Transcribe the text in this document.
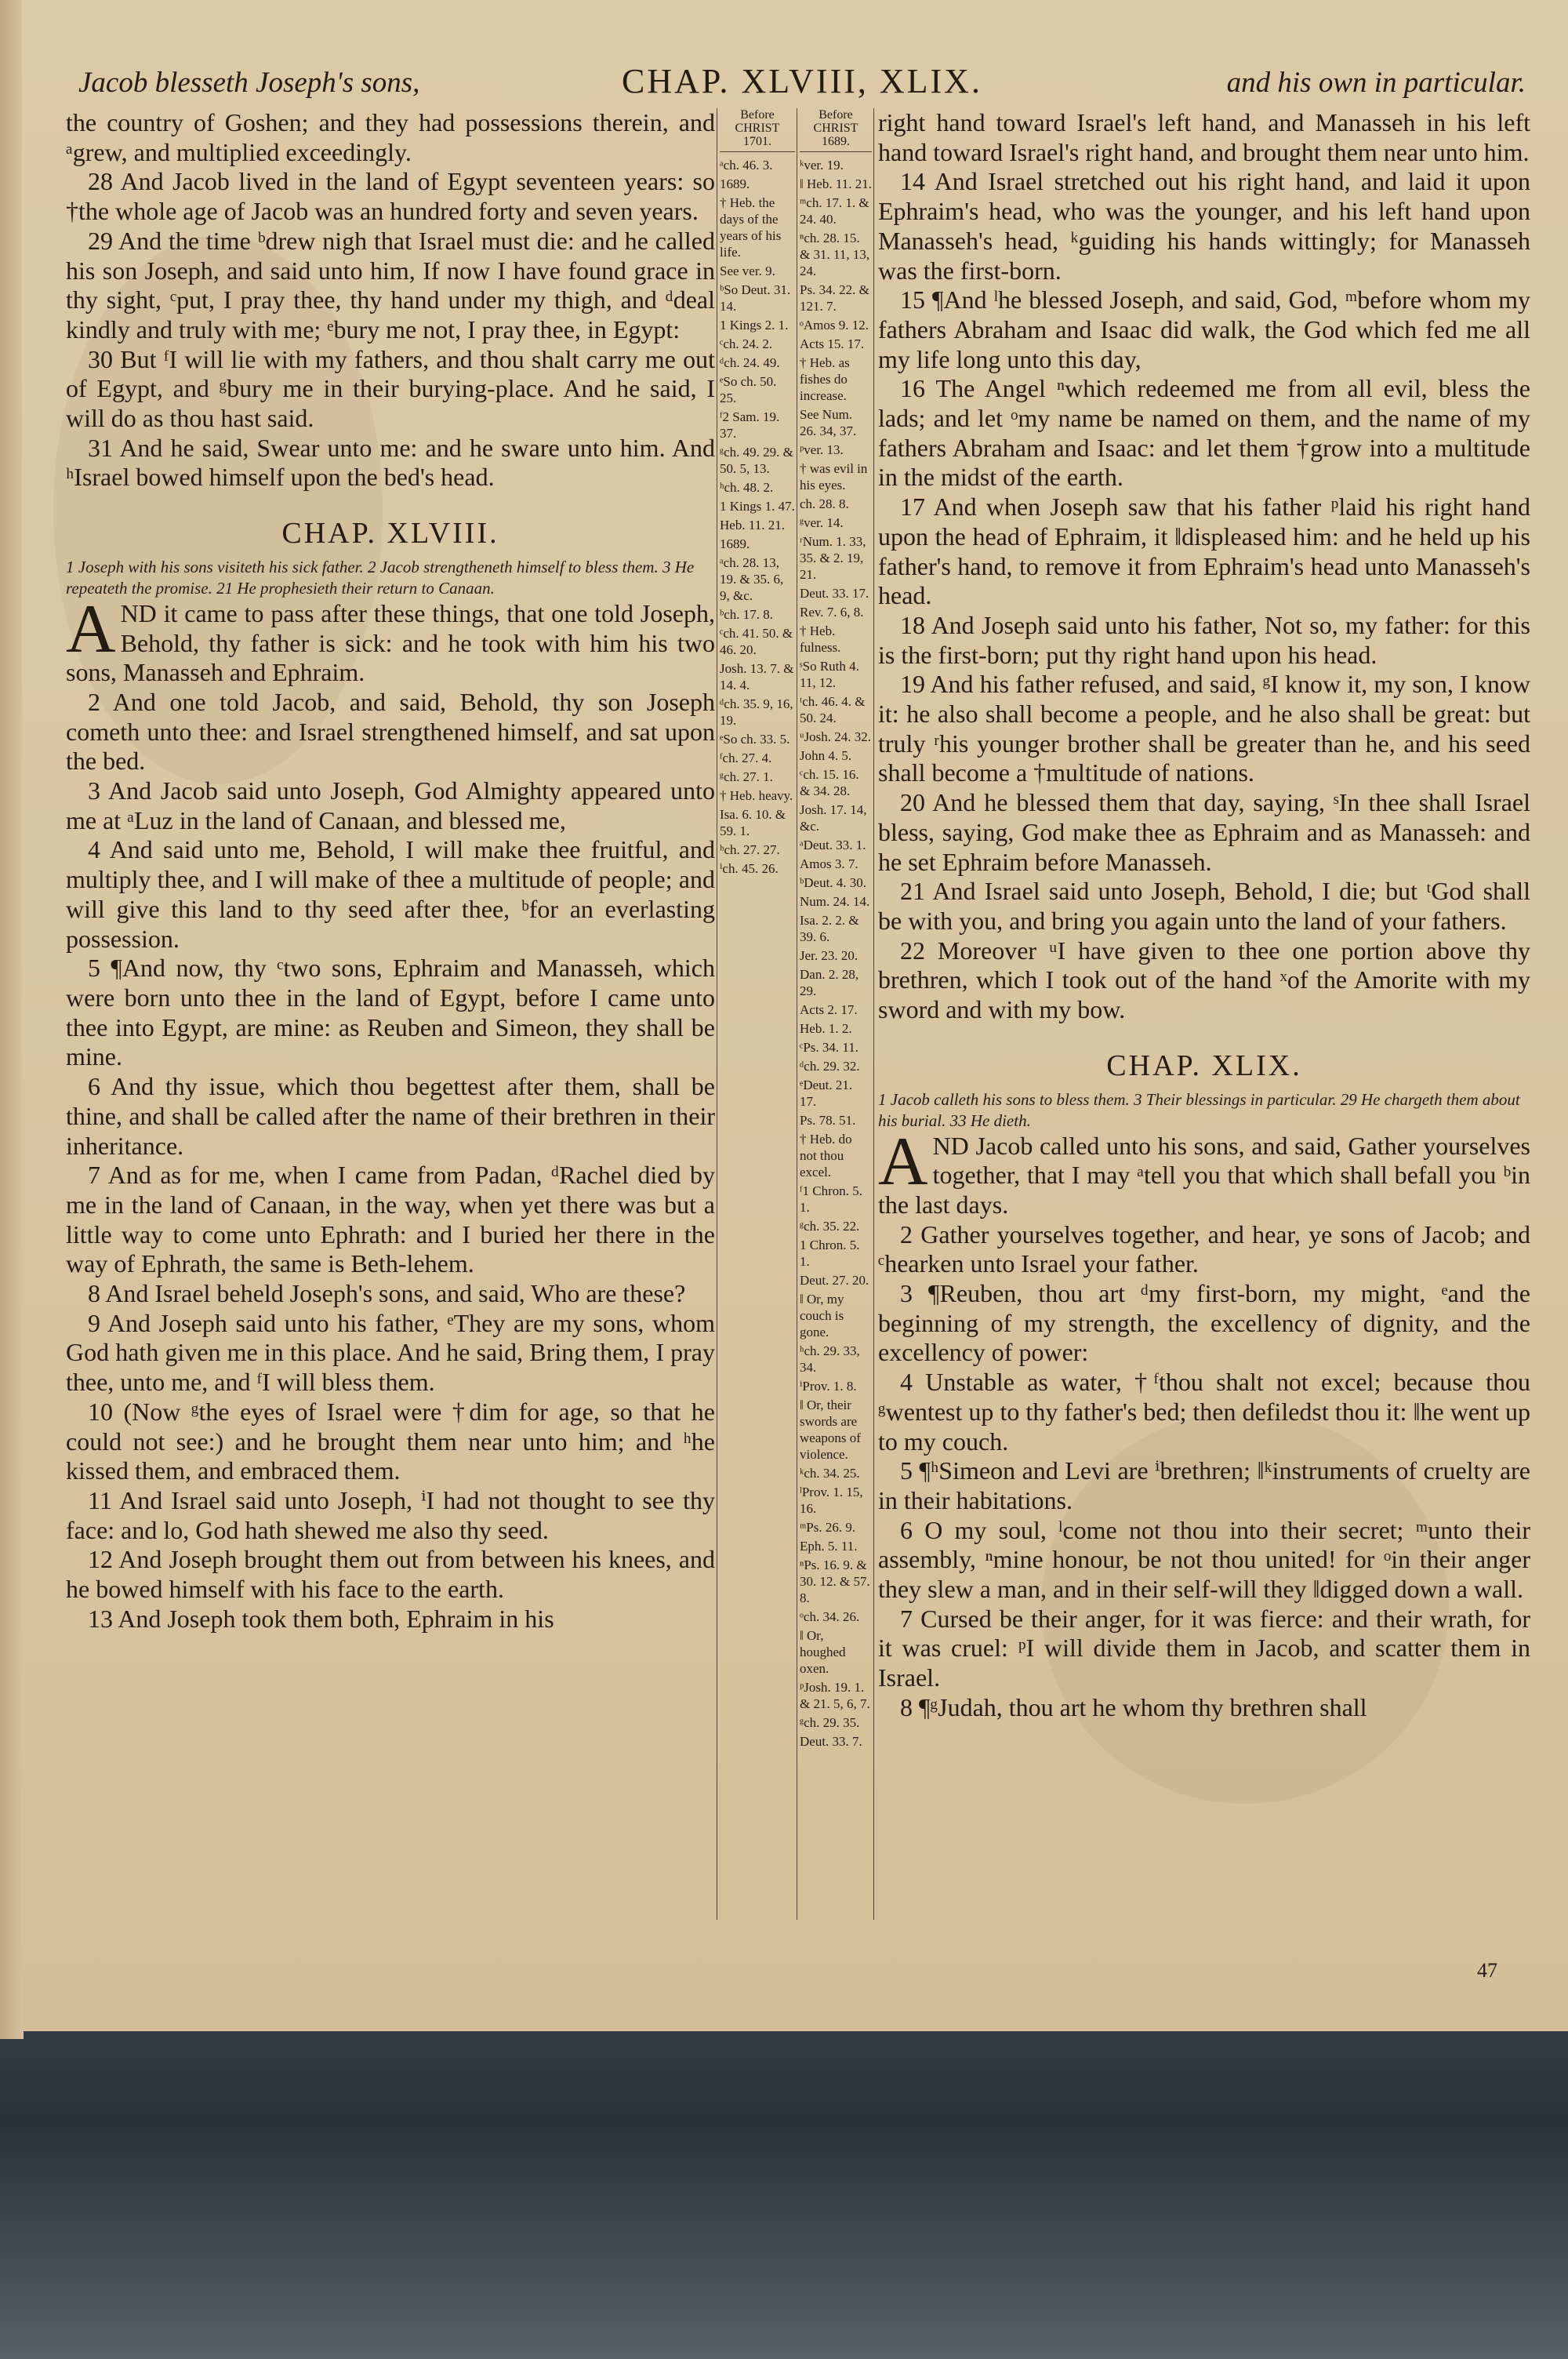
Jacob blesseth Joseph's sons,	CHAP. XLVIII, XLIX.	and his own in particular.

the country of Goshen; and they had possessions therein, and ᵃgrew, and multiplied exceedingly.

28 And Jacob lived in the land of Egypt seventeen years: so †the whole age of Jacob was an hundred forty and seven years.

29 And the time ᵇdrew nigh that Israel must die: and he called his son Joseph, and said unto him, If now I have found grace in thy sight, ᶜput, I pray thee, thy hand under my thigh, and ᵈdeal kindly and truly with me; ᵉbury me not, I pray thee, in Egypt:

30 But ᶠI will lie with my fathers, and thou shalt carry me out of Egypt, and ᵍbury me in their burying-place. And he said, I will do as thou hast said.

31 And he said, Swear unto me: and he sware unto him. And ʰIsrael bowed himself upon the bed's head.

CHAP. XLVIII.

1 Joseph with his sons visiteth his sick father. 2 Jacob strengtheneth himself to bless them. 3 He repeateth the promise. 21 He prophesieth their return to Canaan.

AND it came to pass after these things, that one told Joseph, Behold, thy father is sick: and he took with him his two sons, Manasseh and Ephraim.

2 And one told Jacob, and said, Behold, thy son Joseph cometh unto thee: and Israel strengthened himself, and sat upon the bed.

3 And Jacob said unto Joseph, God Almighty appeared unto me at ᵃLuz in the land of Canaan, and blessed me,

4 And said unto me, Behold, I will make thee fruitful, and multiply thee, and I will make of thee a multitude of people; and will give this land to thy seed after thee, ᵇfor an everlasting possession.

5 ¶And now, thy ᶜtwo sons, Ephraim and Manasseh, which were born unto thee in the land of Egypt, before I came unto thee into Egypt, are mine: as Reuben and Simeon, they shall be mine.

6 And thy issue, which thou begettest after them, shall be thine, and shall be called after the name of their brethren in their inheritance.

7 And as for me, when I came from Padan, ᵈRachel died by me in the land of Canaan, in the way, when yet there was but a little way to come unto Ephrath: and I buried her there in the way of Ephrath, the same is Beth-lehem.

8 And Israel beheld Joseph's sons, and said, Who are these?

9 And Joseph said unto his father, ᵉThey are my sons, whom God hath given me in this place. And he said, Bring them, I pray thee, unto me, and ᶠI will bless them.

10 (Now ᵍthe eyes of Israel were †dim for age, so that he could not see:) and he brought them near unto him; and ʰhe kissed them, and embraced them.

11 And Israel said unto Joseph, ⁱI had not thought to see thy face: and lo, God hath shewed me also thy seed.

12 And Joseph brought them out from between his knees, and he bowed himself with his face to the earth.

13 And Joseph took them both, Ephraim in his

Before CHRIST 1701.
ᵃch. 46. 3.
1689.
† Heb. the days of the years of his life.
See ver. 9.
ᵇSo Deut. 31. 14.
1 Kings 2. 1.
ᶜch. 24. 2.
ᵈch. 24. 49.
ᵉSo ch. 50. 25.
ᶠ2 Sam. 19. 37.
ᵍch. 49. 29. & 50. 5, 13.
ʰch. 48. 2.
1 Kings 1. 47.
Heb. 11. 21.
1689.
ᵃch. 28. 13, 19. & 35. 6, 9, &c.
ᵇch. 17. 8.
ᶜch. 41. 50. & 46. 20.
Josh. 13. 7. & 14. 4.
ᵈch. 35. 9, 16, 19.
ᵉSo ch. 33. 5.
ᶠch. 27. 4.
ᵍch. 27. 1.
† Heb. heavy.
Isa. 6. 10. & 59. 1.
ʰch. 27. 27.
ⁱch. 45. 26.
Before CHRIST 1689.
ᵏver. 19.
‖ Heb. 11. 21.
ᵐch. 17. 1. & 24. 40.
ⁿch. 28. 15. & 31. 11, 13, 24.
Ps. 34. 22. & 121. 7.
ᵒAmos 9. 12.
Acts 15. 17.
† Heb. as fishes do increase.
See Num. 26. 34, 37.
ᵖver. 13.
† was evil in his eyes.
ch. 28. 8.
ᵍver. 14.
ʳNum. 1. 33, 35. & 2. 19, 21.
Deut. 33. 17.
Rev. 7. 6, 8.
† Heb. fulness.
ˢSo Ruth 4. 11, 12.
ᵗch. 46. 4. & 50. 24.
ᵘJosh. 24. 32.
John 4. 5.
ᶜch. 15. 16. & 34. 28.
Josh. 17. 14, &c.
ᵃDeut. 33. 1.
Amos 3. 7.
ᵇDeut. 4. 30.
Num. 24. 14.
Isa. 2. 2. & 39. 6.
Jer. 23. 20.
Dan. 2. 28, 29.
Acts 2. 17.
Heb. 1. 2.
ᶜPs. 34. 11.
ᵈch. 29. 32.
ᵉDeut. 21. 17.
Ps. 78. 51.
† Heb. do not thou excel.
ᶠ1 Chron. 5. 1.
ᵍch. 35. 22.
1 Chron. 5. 1.
Deut. 27. 20.
‖ Or, my couch is gone.
ʰch. 29. 33, 34.
ⁱProv. 1. 8.
‖ Or, their swords are weapons of violence.
ᵏch. 34. 25.
ˡProv. 1. 15, 16.
ᵐPs. 26. 9.
Eph. 5. 11.
ⁿPs. 16. 9. & 30. 12. & 57. 8.
ᵒch. 34. 26.
‖ Or, houghed oxen.
ᵖJosh. 19. 1. & 21. 5, 6, 7.
ᵍch. 29. 35.
Deut. 33. 7.

right hand toward Israel's left hand, and Manasseh in his left hand toward Israel's right hand, and brought them near unto him.

14 And Israel stretched out his right hand, and laid it upon Ephraim's head, who was the younger, and his left hand upon Manasseh's head, ᵏguiding his hands wittingly; for Manasseh was the first-born.

15 ¶And ˡhe blessed Joseph, and said, God, ᵐbefore whom my fathers Abraham and Isaac did walk, the God which fed me all my life long unto this day,

16 The Angel ⁿwhich redeemed me from all evil, bless the lads; and let ᵒmy name be named on them, and the name of my fathers Abraham and Isaac: and let them †grow into a multitude in the midst of the earth.

17 And when Joseph saw that his father ᵖlaid his right hand upon the head of Ephraim, it ‖displeased him: and he held up his father's hand, to remove it from Ephraim's head unto Manasseh's head.

18 And Joseph said unto his father, Not so, my father: for this is the first-born; put thy right hand upon his head.

19 And his father refused, and said, ᵍI know it, my son, I know it: he also shall become a people, and he also shall be great: but truly ʳhis younger brother shall be greater than he, and his seed shall become a †multitude of nations.

20 And he blessed them that day, saying, ˢIn thee shall Israel bless, saying, God make thee as Ephraim and as Manasseh: and he set Ephraim before Manasseh.

21 And Israel said unto Joseph, Behold, I die; but ᵗGod shall be with you, and bring you again unto the land of your fathers.

22 Moreover ᵘI have given to thee one portion above thy brethren, which I took out of the hand ˣof the Amorite with my sword and with my bow.

CHAP. XLIX.

1 Jacob calleth his sons to bless them. 3 Their blessings in particular. 29 He chargeth them about his burial. 33 He dieth.

AND Jacob called unto his sons, and said, Gather yourselves together, that I may ᵃtell you that which shall befall you ᵇin the last days.

2 Gather yourselves together, and hear, ye sons of Jacob; and ᶜhearken unto Israel your father.

3 ¶Reuben, thou art ᵈmy first-born, my might, ᵉand the beginning of my strength, the excellency of dignity, and the excellency of power:

4 Unstable as water, †ᶠthou shalt not excel; because thou ᵍwentest up to thy father's bed; then defiledst thou it: ‖he went up to my couch.

5 ¶ʰSimeon and Levi are ⁱbrethren; ‖ᵏinstruments of cruelty are in their habitations.

6 O my soul, ˡcome not thou into their secret; ᵐunto their assembly, ⁿmine honour, be not thou united! for ᵒin their anger they slew a man, and in their self-will they ‖digged down a wall.

7 Cursed be their anger, for it was fierce: and their wrath, for it was cruel: ᵖI will divide them in Jacob, and scatter them in Israel.

8 ¶ᵍJudah, thou art he whom thy brethren shall

47
